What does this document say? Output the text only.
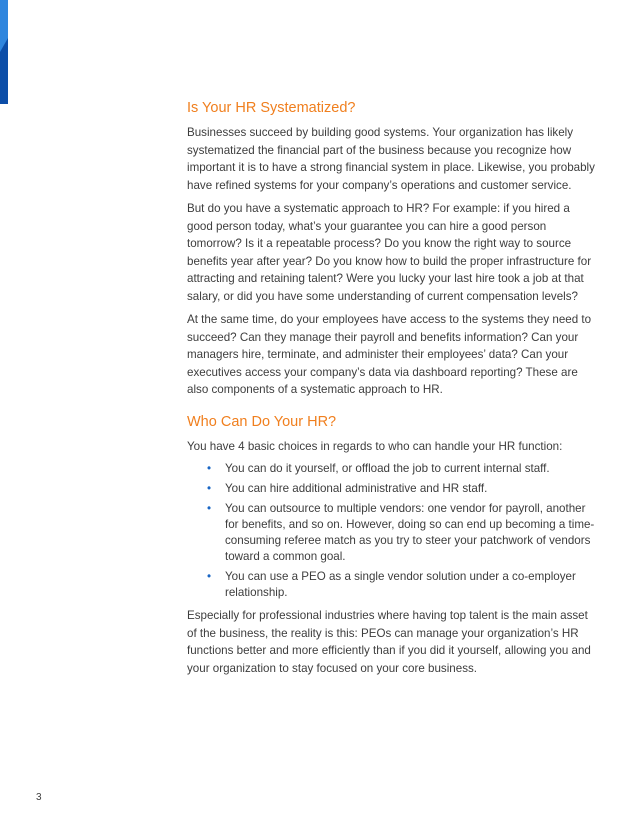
Is Your HR Systematized?

Businesses succeed by building good systems. Your organization has likely systematized the financial part of the business because you recognize how important it is to have a strong financial system in place. Likewise, you probably have refined systems for your company’s operations and customer service.

But do you have a systematic approach to HR? For example: if you hired a good person today, what’s your guarantee you can hire a good person tomorrow? Is it a repeatable process? Do you know the right way to source benefits year after year? Do you know how to build the proper infrastructure for attracting and retaining talent? Were you lucky your last hire took a job at that salary, or did you have some understanding of current compensation levels?

At the same time, do your employees have access to the systems they need to succeed? Can they manage their payroll and benefits information? Can your managers hire, terminate, and administer their employees’ data? Can your executives access your company’s data via dashboard reporting? These are also components of a systematic approach to HR.

Who Can Do Your HR?

You have 4 basic choices in regards to who can handle your HR function:

• You can do it yourself, or offload the job to current internal staff.
• You can hire additional administrative and HR staff.
• You can outsource to multiple vendors: one vendor for payroll, another for benefits, and so on. However, doing so can end up becoming a time-consuming referee match as you try to steer your patchwork of vendors toward a common goal.
• You can use a PEO as a single vendor solution under a co-employer relationship.

Especially for professional industries where having top talent is the main asset of the business, the reality is this: PEOs can manage your organization’s HR functions better and more efficiently than if you did it yourself, allowing you and your organization to stay focused on your core business.

3
